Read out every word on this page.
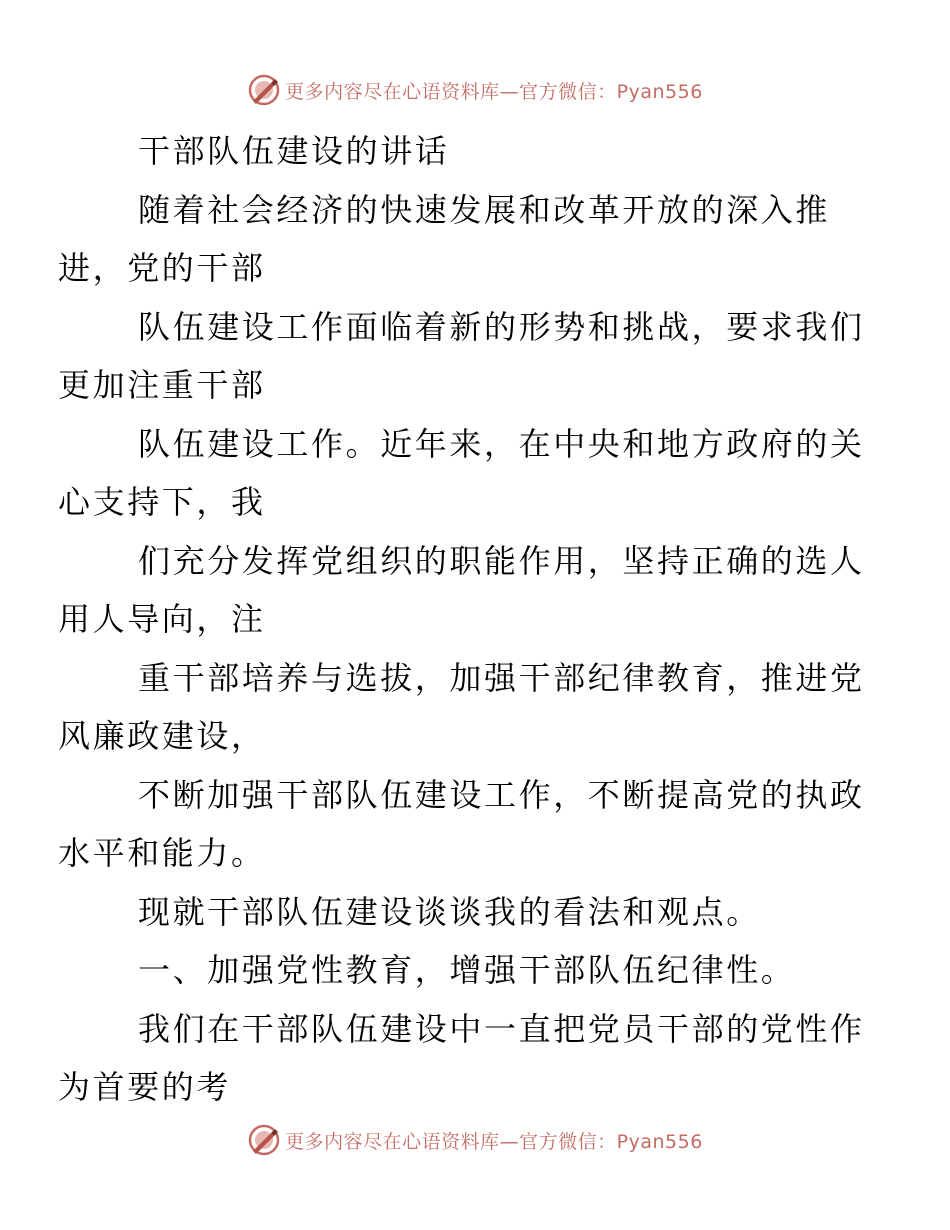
更多内容尽在心语资料库—官方微信：Pyan556

干部队伍建设的讲话

随着社会经济的快速发展和改革开放的深入推
进，党的干部

队伍建设工作面临着新的形势和挑战，要求我们
更加注重干部

队伍建设工作。近年来，在中央和地方政府的关
心支持下，我

们充分发挥党组织的职能作用，坚持正确的选人
用人导向，注

重干部培养与选拔，加强干部纪律教育，推进党
风廉政建设，

不断加强干部队伍建设工作，不断提高党的执政
水平和能力。

现就干部队伍建设谈谈我的看法和观点。

一、加强党性教育，增强干部队伍纪律性。

我们在干部队伍建设中一直把党员干部的党性作
为首要的考

更多内容尽在心语资料库—官方微信：Pyan556
